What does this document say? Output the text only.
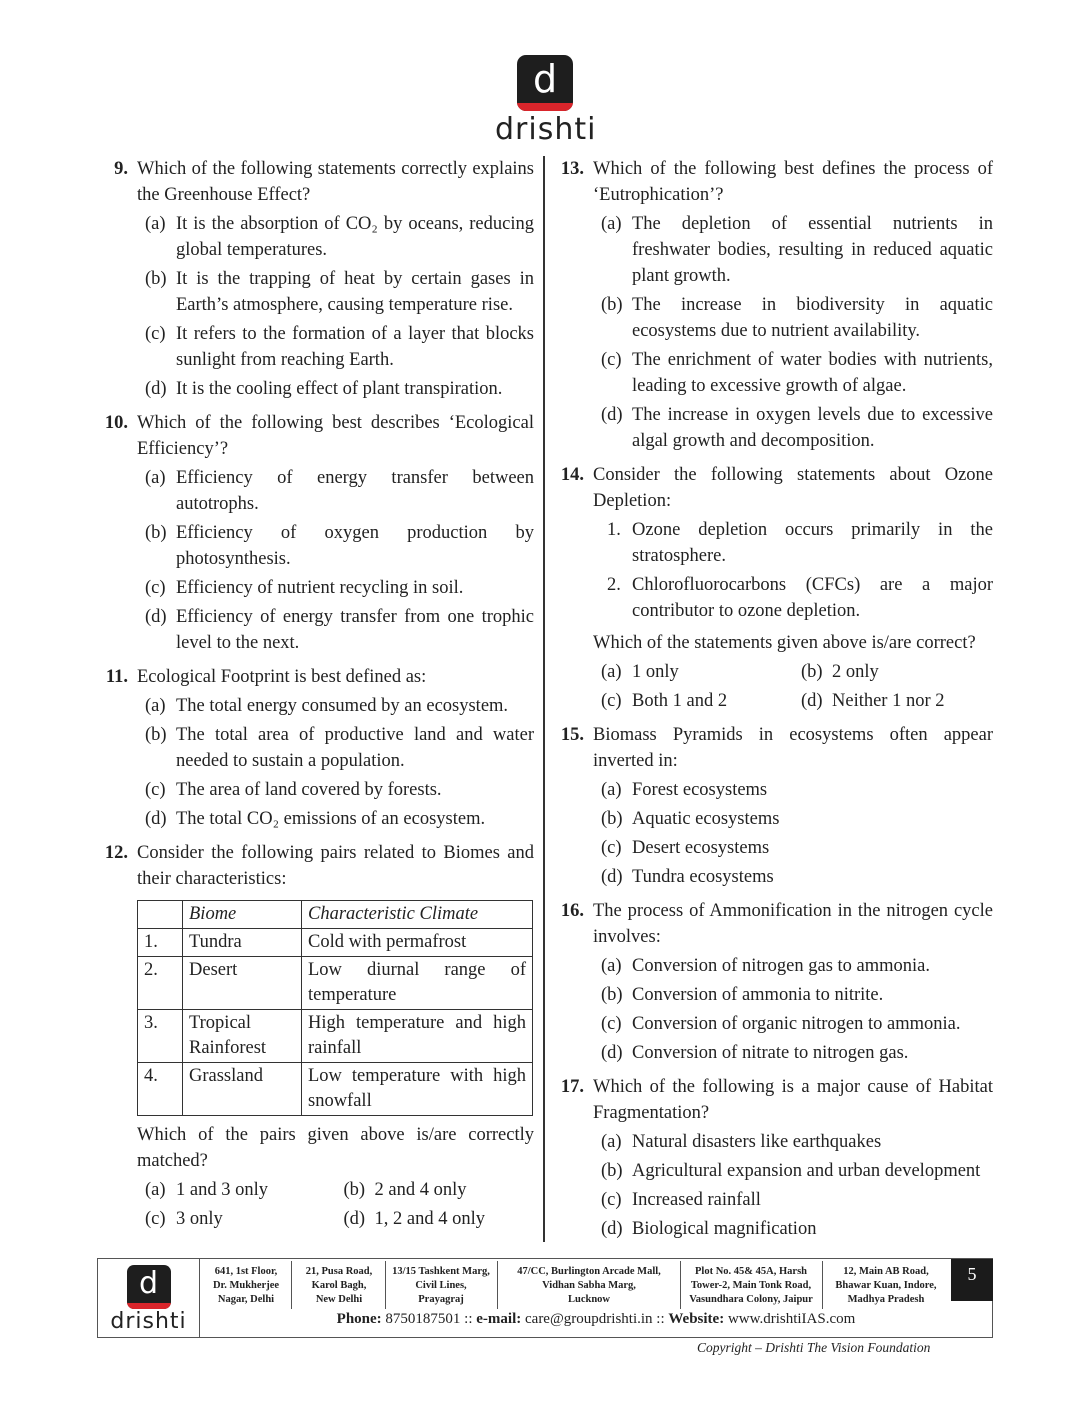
d
drishti
9. Which of the following statements correctly explains the Greenhouse Effect?
(a) It is the absorption of CO₂ by oceans, reducing global temperatures.
(b) It is the trapping of heat by certain gases in Earth’s atmosphere, causing temperature rise.
(c) It refers to the formation of a layer that blocks sunlight from reaching Earth.
(d) It is the cooling effect of plant transpiration.
10. Which of the following best describes ‘Ecological Efficiency’?
(a) Efficiency of energy transfer between autotrophs.
(b) Efficiency of oxygen production by photosynthesis.
(c) Efficiency of nutrient recycling in soil.
(d) Efficiency of energy transfer from one trophic level to the next.
11. Ecological Footprint is best defined as:
(a) The total energy consumed by an ecosystem.
(b) The total area of productive land and water needed to sustain a population.
(c) The area of land covered by forests.
(d) The total CO₂ emissions of an ecosystem.
12. Consider the following pairs related to Biomes and their characteristics:
	Biome	Characteristic Climate
1.	Tundra	Cold with permafrost
2.	Desert	Low diurnal range of temperature
3.	Tropical Rainforest	High temperature and high rainfall
4.	Grassland	Low temperature with high snowfall
Which of the pairs given above is/are correctly matched?
(a) 1 and 3 only	(b) 2 and 4 only
(c) 3 only	(d) 1, 2 and 4 only
13. Which of the following best defines the process of ‘Eutrophication’?
(a) The depletion of essential nutrients in freshwater bodies, resulting in reduced aquatic plant growth.
(b) The increase in biodiversity in aquatic ecosystems due to nutrient availability.
(c) The enrichment of water bodies with nutrients, leading to excessive growth of algae.
(d) The increase in oxygen levels due to excessive algal growth and decomposition.
14. Consider the following statements about Ozone Depletion:
1. Ozone depletion occurs primarily in the stratosphere.
2. Chlorofluorocarbons (CFCs) are a major contributor to ozone depletion.
Which of the statements given above is/are correct?
(a) 1 only	(b) 2 only
(c) Both 1 and 2	(d) Neither 1 nor 2
15. Biomass Pyramids in ecosystems often appear inverted in:
(a) Forest ecosystems
(b) Aquatic ecosystems
(c) Desert ecosystems
(d) Tundra ecosystems
16. The process of Ammonification in the nitrogen cycle involves:
(a) Conversion of nitrogen gas to ammonia.
(b) Conversion of ammonia to nitrite.
(c) Conversion of organic nitrogen to ammonia.
(d) Conversion of nitrate to nitrogen gas.
17. Which of the following is a major cause of Habitat Fragmentation?
(a) Natural disasters like earthquakes
(b) Agricultural expansion and urban development
(c) Increased rainfall
(d) Biological magnification
d
drishti
641, 1st Floor,
Dr. Mukherjee
Nagar, Delhi
21, Pusa Road,
Karol Bagh,
New Delhi
13/15 Tashkent Marg,
Civil Lines,
Prayagraj
47/CC, Burlington Arcade Mall,
Vidhan Sabha Marg,
Lucknow
Plot No. 45& 45A, Harsh
Tower-2, Main Tonk Road,
Vasundhara Colony, Jaipur
12, Main AB Road,
Bhawar Kuan, Indore,
Madhya Pradesh
5
Phone: 8750187501 :: e-mail: care@groupdrishti.in :: Website: www.drishtiIAS.com
Copyright – Drishti The Vision Foundation
